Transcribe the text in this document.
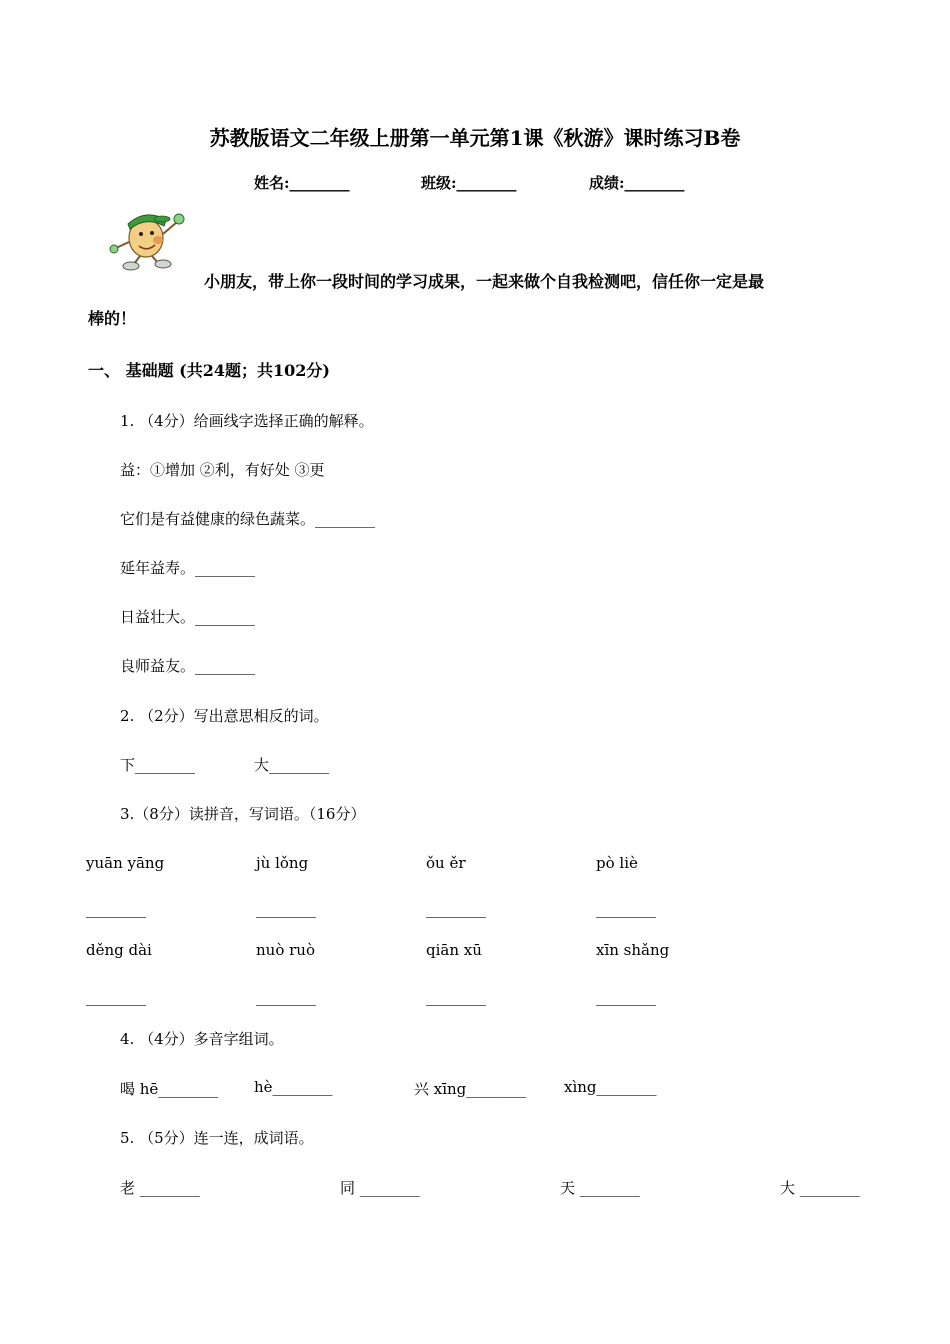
苏教版语文二年级上册第一单元第1课《秋游》课时练习B卷
姓名:________	班级:________	成绩:________
小朋友，带上你一段时间的学习成果，一起来做个自我检测吧，信任你一定是最
棒的！
一、 基础题 (共24题；共102分)
1. （4分）给画线字选择正确的解释。
益：①增加 ②利，有好处 ③更
它们是有益健康的绿色蔬菜。________
延年益寿。________
日益壮大。________
良师益友。________
2. （2分）写出意思相反的词。
下________	大________
3.（8分）读拼音，写词语。（16分）
yuān yāng	jù lǒng	ǒu ěr	pò liè
________	________	________	________
děng dài	nuò ruò	qiān xū	xīn shǎng
________	________	________	________
4. （4分）多音字组词。
喝 hē________ hè________	兴 xīng________	xìng________
5. （5分）连一连，成词语。
老 ________	同 ________	天 ________	大 ________
